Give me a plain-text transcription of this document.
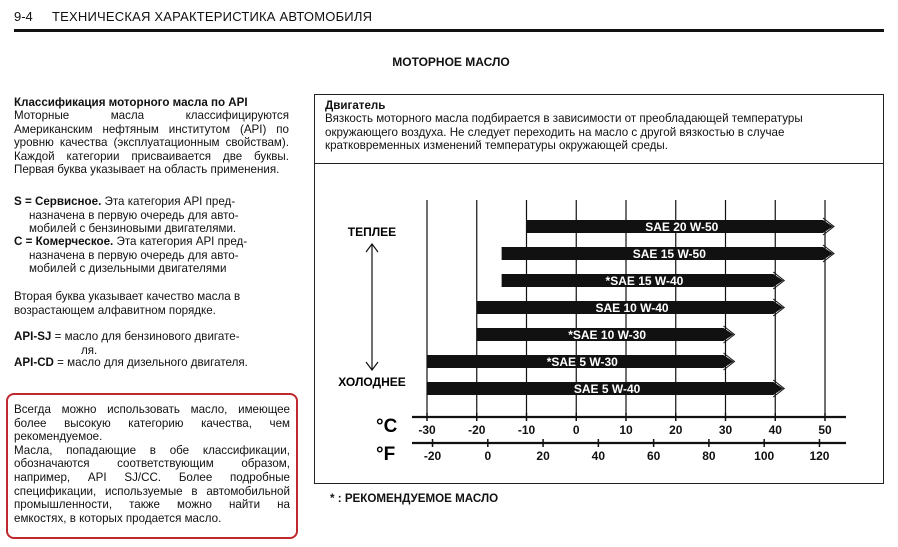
9-4 ТЕХНИЧЕСКАЯ ХАРАКТЕРИСТИКА АВТОМОБИЛЯ
МОТОРНОЕ МАСЛО
Классификация моторного масла по API
Моторные масла классифицируются Американским нефтяным институтом (API) по уровню качества (эксплуатационным свойствам). Каждой категории присваивается две буквы. Первая буква указывает на область применения.
S = Сервисное. Эта категория API пред-
назначена в первую очередь для авто-
мобилей с бензиновыми двигателями.
C = Комерческое. Эта категория API пред-
назначена в первую очередь для авто-
мобилей с дизельными двигателями
Вторая буква указывает качество масла в возрастающем алфавитном порядке.
API-SJ = масло для бензинового двигате-
ля.
API-CD = масло для дизельного двигателя.
Всегда можно использовать масло, имеющее более высокую категорию качества, чем рекомендуемое.
Масла, попадающие в обе классификации, обозначаются соответствующим образом, например, API SJ/CC. Более подробные спецификации, используемые в автомобильной промышленности, также можно найти на емкостях, в которых продается масло.
Двигатель
Вязкость моторного масла подбирается в зависимости от преобладающей температуры окружающего воздуха. Не следует переходить на масло с другой вязкостью в случае кратковременных изменений температуры окружающей среды.
SAE 20 W-50
SAE 15 W-50
*SAE 15 W-40
SAE 10 W-40
*SAE 10 W-30
*SAE 5 W-30
SAE 5 W-40
-30	-20	-10	0	10	20	30	40	50
-20	0	20	40	60	80	100	120
ТЕПЛЕЕ
ХОЛОДНЕЕ
°C
°F
* : РЕКОМЕНДУЕМОЕ МАСЛО
